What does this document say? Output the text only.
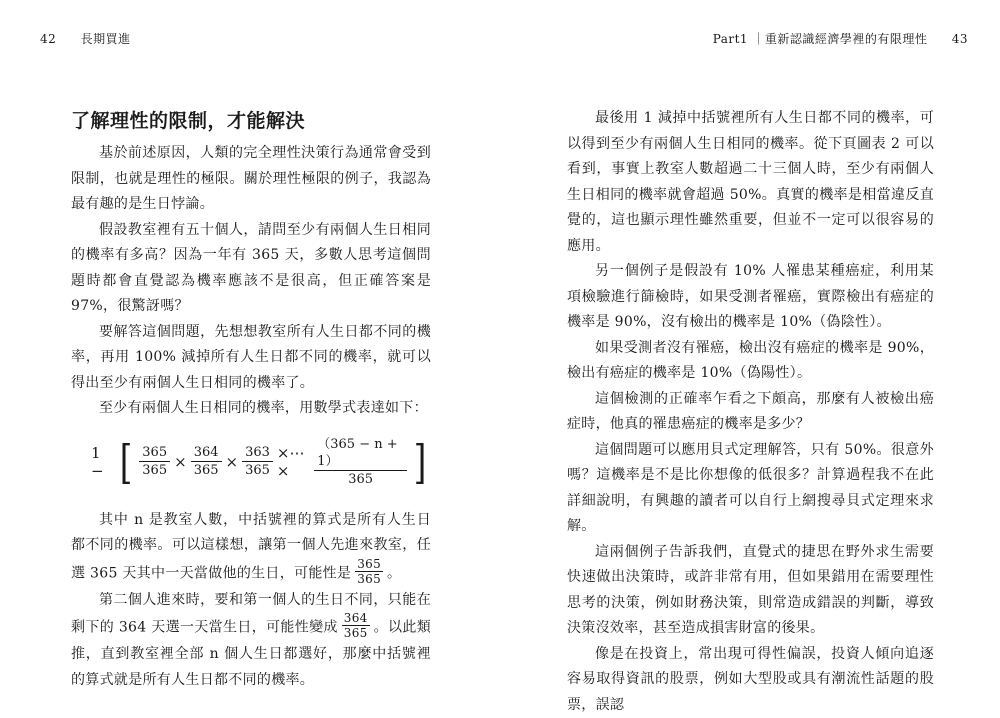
42 長期買進
了解理性的限制，才能解決

基於前述原因，人類的完全理性決策行為通常會受到限制，也就是理性的極限。關於理性極限的例子，我認為最有趣的是生日悖論。

假設教室裡有五十個人，請問至少有兩個人生日相同的機率有多高？因為一年有 365 天，多數人思考這個問題時都會直覺認為機率應該不是很高，但正確答案是 97%，很驚訝嗎？

要解答這個問題，先想想教室所有人生日都不同的機率，再用 100% 減掉所有人生日都不同的機率，就可以得出至少有兩個人生日相同的機率了。

至少有兩個人生日相同的機率，用數學式表達如下：

1 − [ $\frac{365}{365} \times \frac{364}{365} \times \frac{363}{365}$ ×⋯×	$\frac{(365 - n + 1)}{365}$ ]

其中 n 是教室人數，中括號裡的算式是所有人生日都不同的機率。可以這樣想，讓第一個人先進來教室，任選 365 天其中一天當做他的生日，可能性是 $\frac{365}{365}$ 。

第二個人進來時，要和第一個人的生日不同，只能在剩下的 364 天選一天當生日，可能性變成 $\frac{364}{365}$ 。以此類推，直到教室裡全部 n 個人生日都選好，那麼中括號裡的算式就是所有人生日都不同的機率。

Part1 ｜重新認識經濟學裡的有限理性 43

最後用 1 減掉中括號裡所有人生日都不同的機率，可以得到至少有兩個人生日相同的機率。從下頁圖表 2 可以看到，事實上教室人數超過二十三個人時，至少有兩個人生日相同的機率就會超過 50%。真實的機率是相當違反直覺的，這也顯示理性雖然重要，但並不一定可以很容易的應用。

另一個例子是假設有 10% 人罹患某種癌症，利用某項檢驗進行篩檢時，如果受測者罹癌，實際檢出有癌症的機率是 90%，沒有檢出的機率是 10%（偽陰性）。

如果受測者沒有罹癌，檢出沒有癌症的機率是 90%，檢出有癌症的機率是 10%（偽陽性）。

這個檢測的正確率乍看之下頗高，那麼有人被檢出癌症時，他真的罹患癌症的機率是多少？

這個問題可以應用貝式定理解答，只有 50%。很意外嗎？這機率是不是比你想像的低很多？計算過程我不在此詳細說明，有興趣的讀者可以自行上網搜尋貝式定理來求解。

這兩個例子告訴我們，直覺式的捷思在野外求生需要快速做出決策時，或許非常有用，但如果錯用在需要理性思考的決策，例如財務決策，則常造成錯誤的判斷，導致決策沒效率，甚至造成損害財富的後果。

像是在投資上，常出現可得性偏誤，投資人傾向追逐容易取得資訊的股票，例如大型股或具有潮流性話題的股票，誤認
